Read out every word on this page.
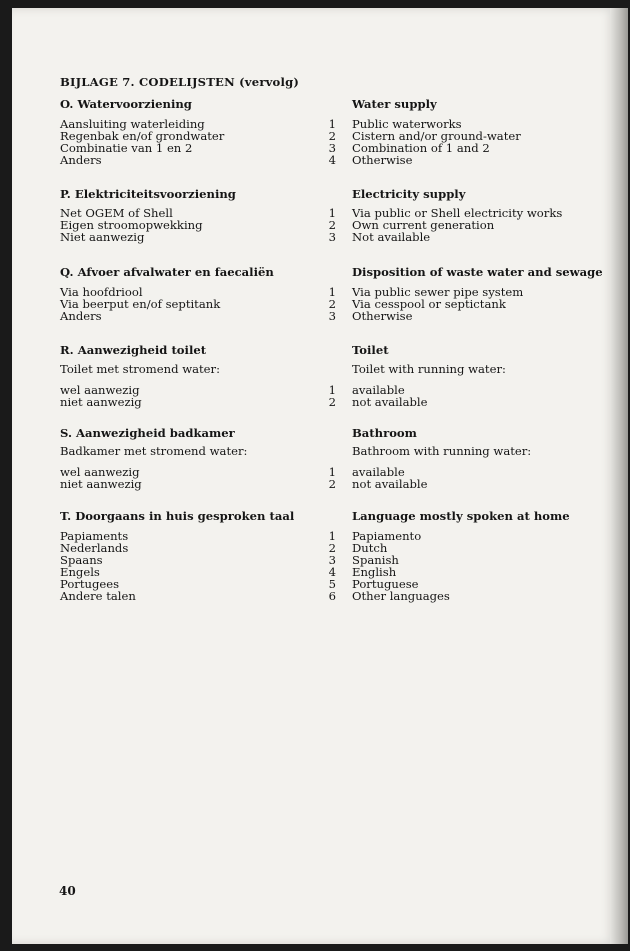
BIJLAGE 7. CODELIJSTEN (vervolg)
O. Watervoorziening	Water supply
Aansluiting waterleiding	1 Public waterworks
Regenbak en/of grondwater	2 Cistern and/or ground-water
Combinatie van 1 en 2	3 Combination of 1 and 2
Anders	4 Otherwise
P. Elektriciteitsvoorziening	Electricity supply
Net OGEM of Shell	1 Via public or Shell electricity works
Eigen stroomopwekking	2 Own current generation
Niet aanwezig	3 Not available
Q. Afvoer afvalwater en faecaliën	Disposition of waste water and sewage
Via hoofdriool	1 Via public sewer pipe system
Via beerput en/of septitank	2 Via cesspool or septictank
Anders	3 Otherwise
R. Aanwezigheid toilet	Toilet
Toilet met stromend water:	Toilet with running water:
wel aanwezig	1 available
niet aanwezig	2 not available
S. Aanwezigheid badkamer	Bathroom
Badkamer met stromend water:	Bathroom with running water:
wel aanwezig	1 available
niet aanwezig	2 not available
T. Doorgaans in huis gesproken taal	Language mostly spoken at home
Papiaments	1 Papiamento
Nederlands	2 Dutch
Spaans	3 Spanish
Engels	4 English
Portugees	5 Portuguese
Andere talen	6 Other languages
40
